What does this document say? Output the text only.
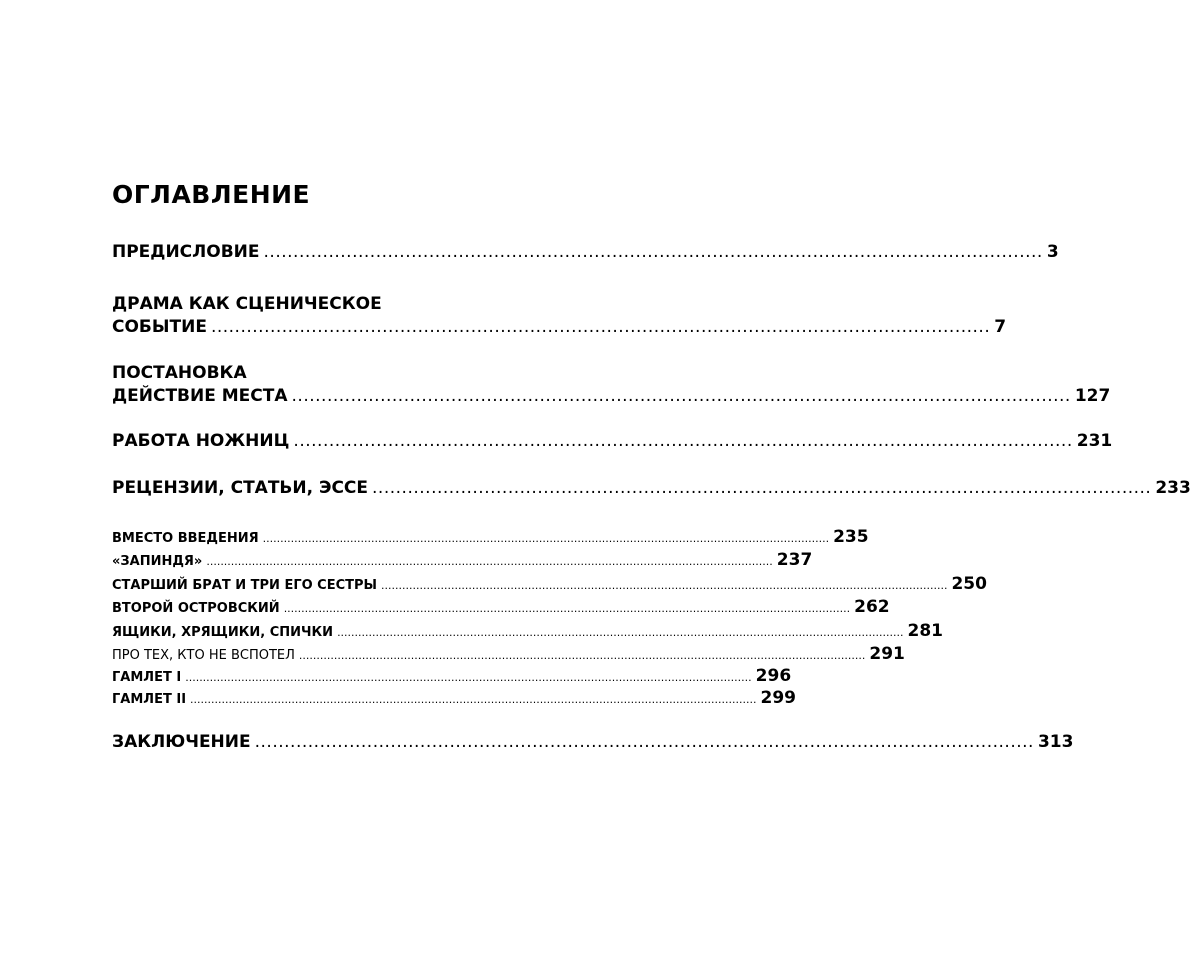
ОГЛАВЛЕНИЕ
ПРЕДИСЛОВИЕ .................................................................................................................................... 3
ДРАМА КАК СЦЕНИЧЕСКОЕ
СОБЫТИЕ .................................................................................................................................... 7
ПОСТАНОВКА
ДЕЙСТВИЕ МЕСТА .................................................................................................................................... 127
РАБОТА НОЖНИЦ .................................................................................................................................... 231
РЕЦЕНЗИИ, СТАТЬИ, ЭССЕ .................................................................................................................................... 233
ВМЕСТО ВВЕДЕНИЯ .................................................................................................................................................................. 235
«ЗАПИНДЯ» .................................................................................................................................................................. 237
СТАРШИЙ БРАТ И ТРИ ЕГО СЕСТРЫ .................................................................................................................................................................. 250
ВТОРОЙ ОСТРОВСКИЙ .................................................................................................................................................................. 262
ЯЩИКИ, ХРЯЩИКИ, СПИЧКИ .................................................................................................................................................................. 281
ПРО ТЕХ, КТО НЕ ВСПОТЕЛ .................................................................................................................................................................. 291
ГАМЛЕТ I .................................................................................................................................................................. 296
ГАМЛЕТ II .................................................................................................................................................................. 299
ЗАКЛЮЧЕНИЕ .................................................................................................................................... 313
